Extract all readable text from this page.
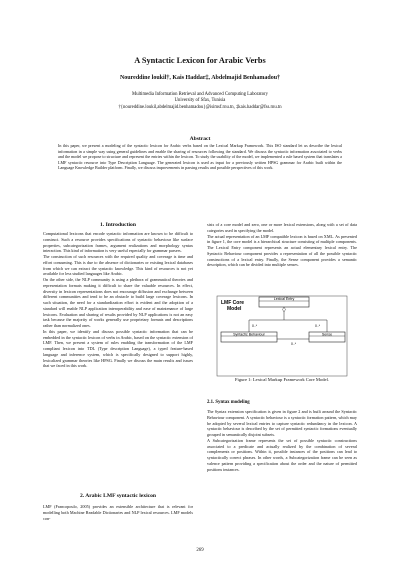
A Syntactic Lexicon for Arabic Verbs
Noureddine loukil†, Kais Haddar‡, Abdelmajid Benhamadou†
Multimedia Information Retrieval and Advanced Computing Laboratory
University of Sfax, Tunisia
†{noureddine.loukil,abdelmajid.benhamadou}@isimsf.rnu.tn, ‡kais.haddar@fss.rnu.tn
Abstract
In this paper, we present a modeling of the syntactic lexicon for Arabic verbs based on the Lexical Markup Framework. This ISO standard let us describe the lexical information in a simple way using general guidelines and enable the sharing of resources following the standard. We discuss the syntactic information associated to verbs and the model we propose to structure and represent the entries within the lexicon. To study the usability of the model, we implemented a rule based system that translates a LMF syntactic resource into Type Description Language. The generated lexicon is used as input for a previously written HPSG grammar for Arabic built within the Language Knowledge Builder platform. Finally, we discuss improvements in parsing results and possible perspectives of this work.
1. Introduction

Computational lexicons that encode syntactic information are known to be difficult to construct. Such a resource provides specifications of syntactic behaviour like surface properties, subcategorization frames, argument realizations and morphology syntax interaction. This kind of information is very useful especially for grammar parsers.

The construction of such resources with the required quality and coverage is time and effort consuming. This is due to the absence of dictionaries or existing lexical databases from which we can extract the syntactic knowledge. This kind of resources is not yet available for less studied languages like Arabic.

On the other side, the NLP community is using a plethora of grammatical theories and representation formats making it difficult to share the valuable resources. In effect, diversity in lexicon representations does not encourage diffusion and exchange between different communities and tend to be an obstacle to build large coverage lexicons. In such situation, the need for a standardization effort is evident and the adoption of a standard will enable NLP application interoperability and ease of maintenance of large lexicons. Evaluation and sharing of results provided by NLP applications is not an easy task because the majority of works generally use proprietary formats and descriptions rather than normalized ones.

In this paper, we identify and discuss possible syntactic information that can be embedded in the syntactic lexicon of verbs in Arabic, based on the syntactic extension of LMF. Then, we present a system of rules enabling the transformation of the LMF compliant lexicon into TDL (Type description Language), a typed feature-based language and inference system, which is specifically designed to support highly, lexicalized grammar theories like HPSG. Finally we discuss the main results and issues that we faced in this work.

2. Arabic LMF syntactic lexicon

LMF (Francopoulo, 2005) provides an extensible architecture that is relevant for modelling both Machine Readable Dictionaries and NLP lexical resources. LMF models con-

sists of a core model and zero, one or more lexical extensions, along with a set of data categories used in specifying the model.

The actual representation of an LMF compatible lexicon is based on XML. As presented in figure 1, the core model is a hierarchical structure consisting of multiple components. The Lexical Entry component represents an actual elementary lexical entry. The Syntactic Behaviour component provides a representation of all the possible syntactic constructions of a lexical entry. Finally, the Sense component provides a semantic description, which can be divided into multiple senses.

LMF Core
Model
Lexical Entry
0..*	0..*
Syntactic Behaviour	Sense
0..*
Figure 1: Lexical Markup Framework Core Model.
2.1. Syntax modeling

The Syntax extension specification is given in figure 2 and is built around the Syntactic Behaviour component. A syntactic behaviour is a syntactic formation pattern, which may be adopted by several lexical entries to capture syntactic redundancy in the lexicon. A syntactic behaviour is described by the set of permitted syntactic formations eventually grouped in semantically disjoint subsets.

A Subcategorization frame represents the set of possible syntactic constructions associated to a predicate and actually realized by the combination of several complements or positions. Within it, possible instances of the positions can lead to syntactically correct phrases. In other words, a Subcategorization frame can be seen as valence pattern providing a specification about the order and the nature of permitted positions instances.

269
